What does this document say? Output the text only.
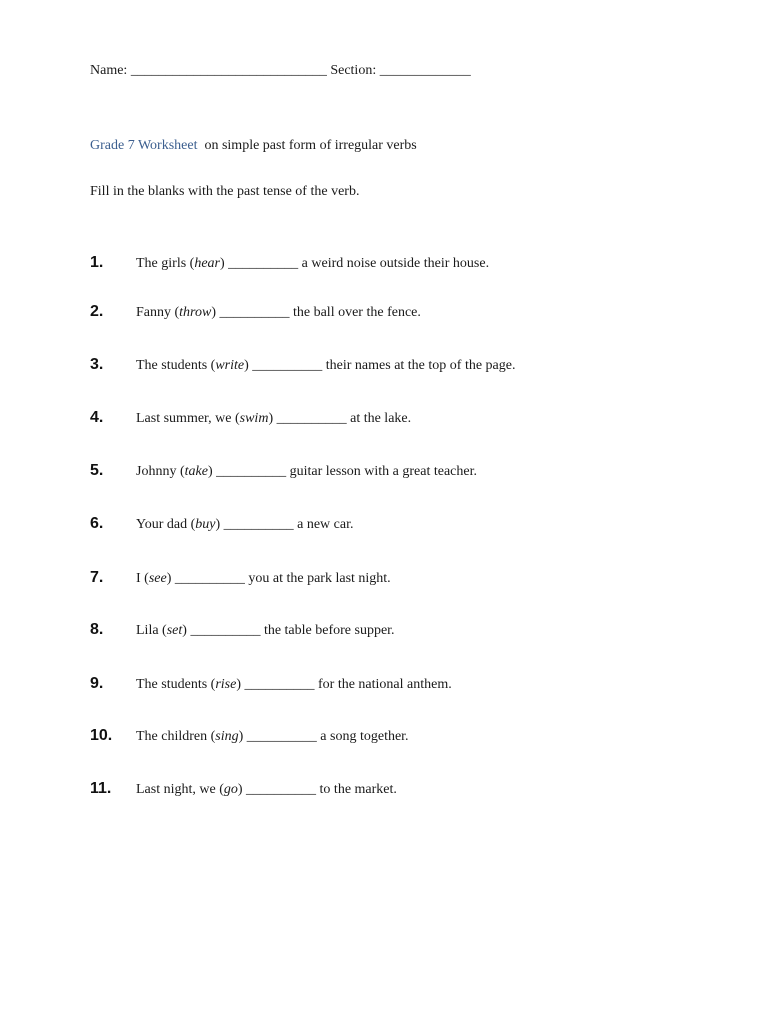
Name: ____________________________ Section: _____________
Grade 7 Worksheet on simple past form of irregular verbs
Fill in the blanks with the past tense of the verb.
1. The girls (hear) __________ a weird noise outside their house.
2. Fanny (throw) __________ the ball over the fence.
3. The students (write) __________ their names at the top of the page.
4. Last summer, we (swim) __________ at the lake.
5. Johnny (take) __________ guitar lesson with a great teacher.
6. Your dad (buy) __________ a new car.
7. I (see) __________ you at the park last night.
8. Lila (set) __________ the table before supper.
9. The students (rise) __________ for the national anthem.
10. The children (sing) __________ a song together.
11. Last night, we (go) __________ to the market.
